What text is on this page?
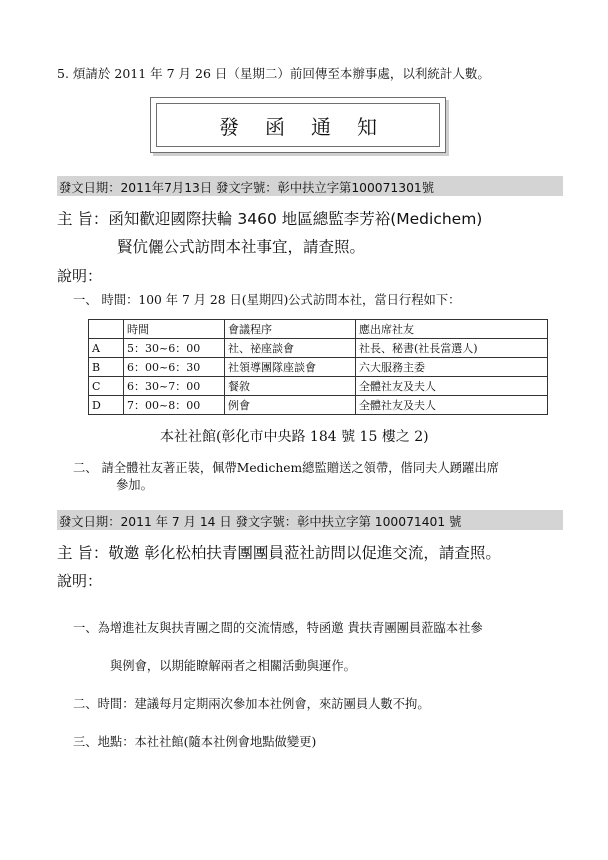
5. 煩請於 2011 年 7 月 26 日（星期二）前回傳至本辦事處，以利統計人數。
發函通知
發文日期：2011年7月13日 發文字號：彰中扶立字第100071301號
主 旨：函知歡迎國際扶輪 3460 地區總監李芳裕(Medichem)
賢伉儷公式訪問本社事宜，請查照。
說明：
一、 時間：100 年 7 月 28 日(星期四)公式訪問本社，當日行程如下：
	時間	會議程序	應出席社友
A	5：30~6：00	社、祕座談會	社長、秘書(社長當選人)
B	6：00~6：30	社領導團隊座談會	六大服務主委
C	6：30~7：00	餐敘	全體社友及夫人
D	7：00~8：00	例會	全體社友及夫人
本社社館(彰化市中央路 184 號 15 樓之 2)
二、 請全體社友著正裝，佩帶Medichem總監贈送之領帶，偕同夫人踴躍出席
參加。
發文日期：2011 年 7 月 14 日 發文字號：彰中扶立字第 100071401 號
主 旨：敬邀 彰化松柏扶青團團員蒞社訪問以促進交流，請查照。
說明：
一、為增進社友與扶青團之間的交流情感，特函邀 貴扶青團團員蒞臨本社參
與例會，以期能瞭解兩者之相關活動與運作。
二、時間：建議每月定期兩次參加本社例會，來訪團員人數不拘。
三、地點：本社社館(隨本社例會地點做變更)
